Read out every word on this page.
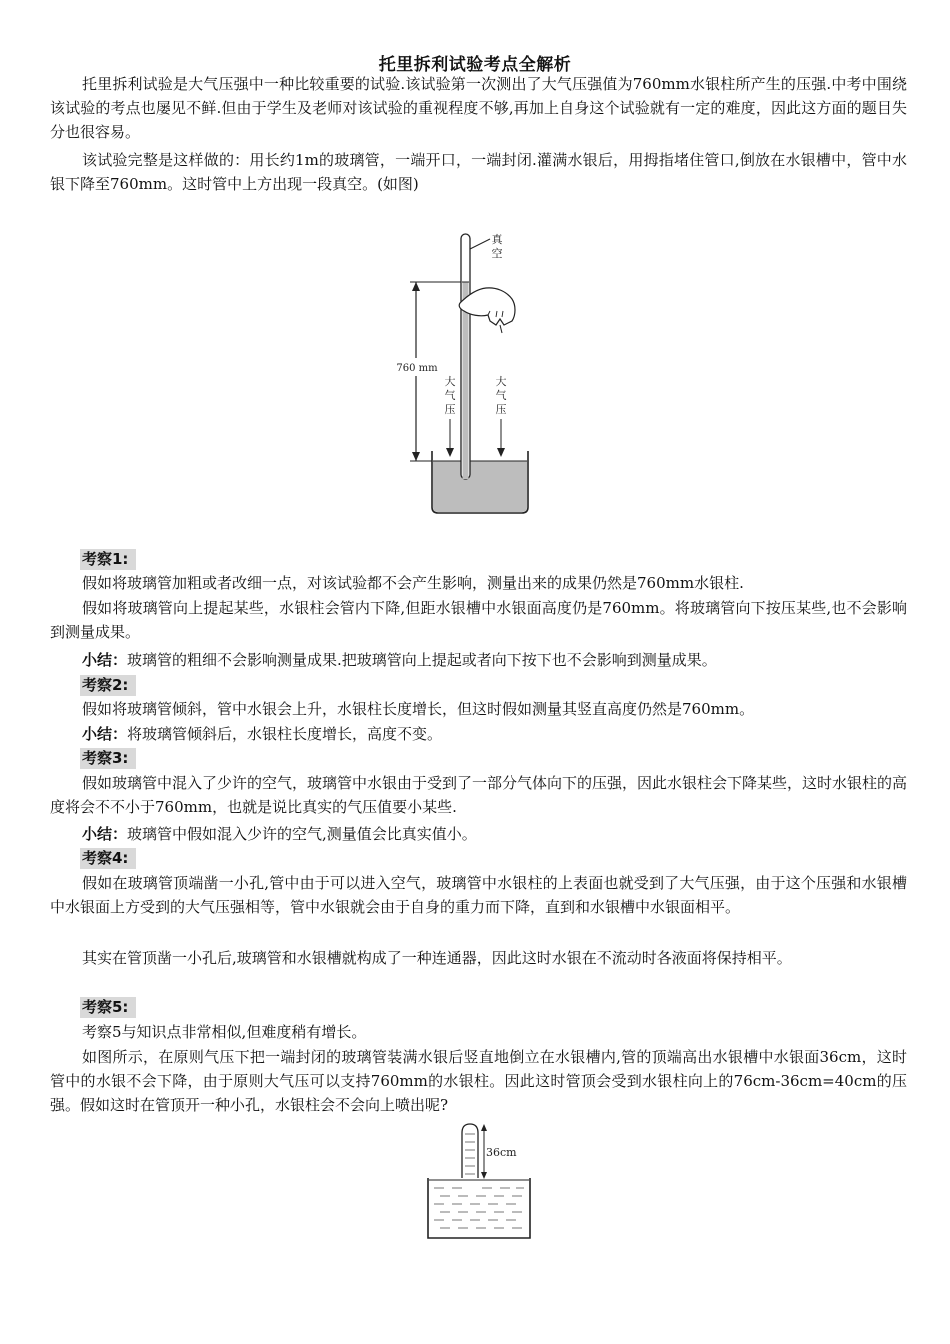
托里拆利试验考点全解析

托里拆利试验是大气压强中一种比较重要的试验.该试验第一次测出了大气压强值为760mm水银柱所产生的压强.中考中围绕该试验的考点也屡见不鲜.但由于学生及老师对该试验的重视程度不够,再加上自身这个试验就有一定的难度，因此这方面的题目失分也很容易。

该试验完整是这样做的：用长约1m的玻璃管，一端开口，一端封闭.灌满水银后，用拇指堵住管口,倒放在水银槽中，管中水银下降至760mm。这时管中上方出现一段真空。(如图)

760 mm
真
空
大
气
压
大
气
压
考察1:

假如将玻璃管加粗或者改细一点，对该试验都不会产生影响，测量出来的成果仍然是760mm水银柱.

假如将玻璃管向上提起某些，水银柱会管内下降,但距水银槽中水银面高度仍是760mm。将玻璃管向下按压某些,也不会影响到测量成果。

小结：玻璃管的粗细不会影响测量成果.把玻璃管向上提起或者向下按下也不会影响到测量成果。

考察2:

假如将玻璃管倾斜，管中水银会上升，水银柱长度增长，但这时假如测量其竖直高度仍然是760mm。

小结：将玻璃管倾斜后，水银柱长度增长，高度不变。

考察3:

假如玻璃管中混入了少许的空气，玻璃管中水银由于受到了一部分气体向下的压强，因此水银柱会下降某些，这时水银柱的高度将会不不小于760mm，也就是说比真实的气压值要小某些.

小结：玻璃管中假如混入少许的空气,测量值会比真实值小。

考察4:

假如在玻璃管顶端凿一小孔,管中由于可以进入空气，玻璃管中水银柱的上表面也就受到了大气压强，由于这个压强和水银槽中水银面上方受到的大气压强相等，管中水银就会由于自身的重力而下降，直到和水银槽中水银面相平。

其实在管顶凿一小孔后,玻璃管和水银槽就构成了一种连通器，因此这时水银在不流动时各液面将保持相平。

考察5:

考察5与知识点非常相似,但难度稍有增长。

如图所示，在原则气压下把一端封闭的玻璃管装满水银后竖直地倒立在水银槽内,管的顶端高出水银槽中水银面36cm，这时管中的水银不会下降，由于原则大气压可以支持760mm的水银柱。因此这时管顶会受到水银柱向上的76cm-36cm=40cm的压强。假如这时在管顶开一种小孔，水银柱会不会向上喷出呢?

36cm
